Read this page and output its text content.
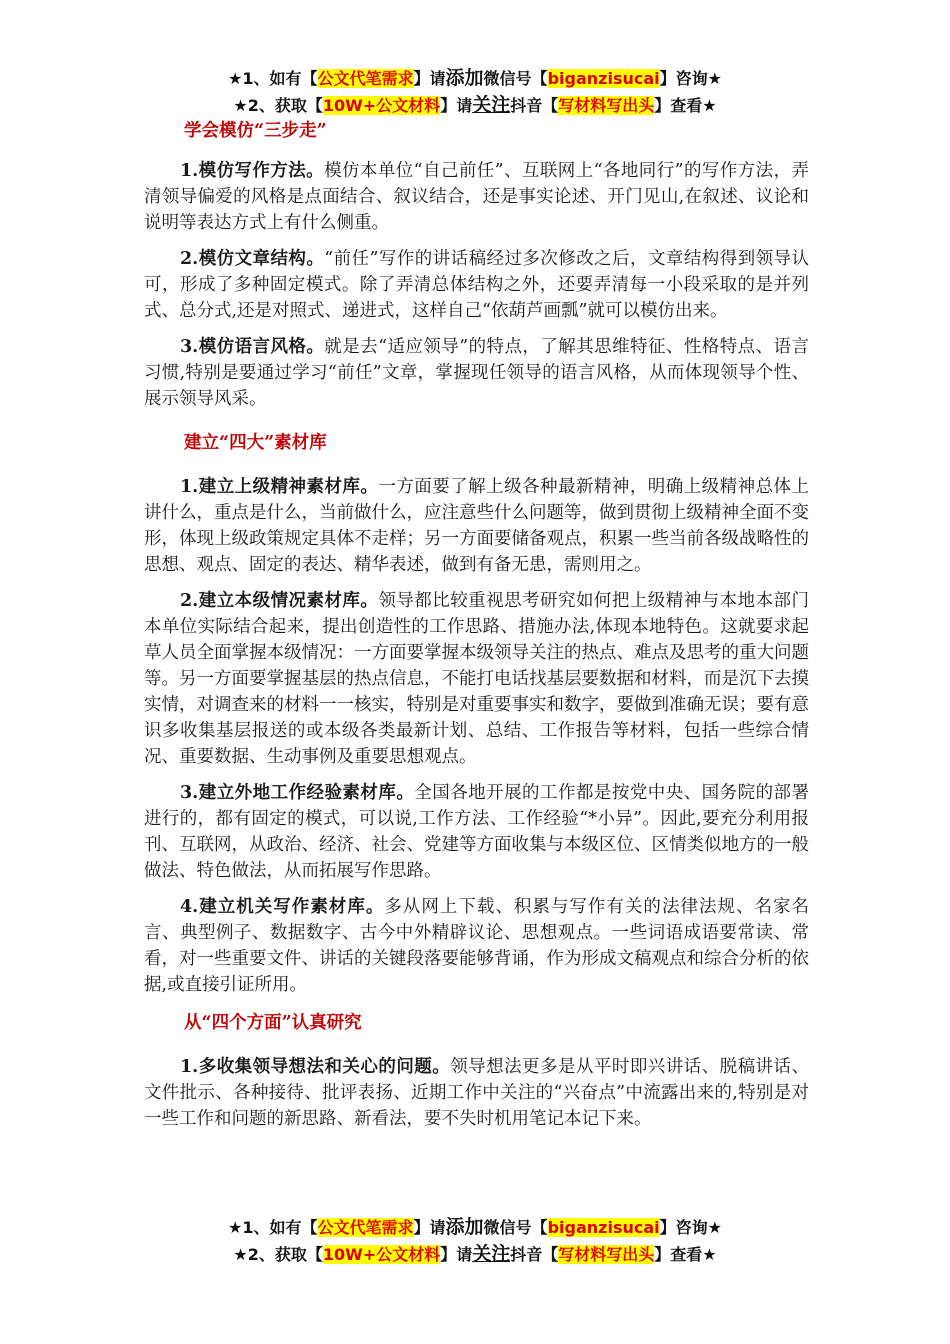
★1、如有【公文代笔需求】请添加微信号【biganzisucai】咨询★
★2、获取【10W+公文材料】请关注抖音【写材料写出头】查看★
学会模仿“三步走”

1.模仿写作方法。模仿本单位“自己前任”、互联网上“各地同行”的写作方法，弄清领导偏爱的风格是点面结合、叙议结合，还是事实论述、开门见山,在叙述、议论和说明等表达方式上有什么侧重。

2.模仿文章结构。“前任”写作的讲话稿经过多次修改之后，文章结构得到领导认可，形成了多种固定模式。除了弄清总体结构之外，还要弄清每一小段采取的是并列式、总分式,还是对照式、递进式，这样自己“依葫芦画瓢”就可以模仿出来。

3.模仿语言风格。就是去“适应领导”的特点，了解其思维特征、性格特点、语言习惯,特别是要通过学习“前任”文章，掌握现任领导的语言风格，从而体现领导个性、展示领导风采。

建立“四大”素材库

1.建立上级精神素材库。一方面要了解上级各种最新精神，明确上级精神总体上讲什么，重点是什么，当前做什么，应注意些什么问题等，做到贯彻上级精神全面不变形，体现上级政策规定具体不走样；另一方面要储备观点，积累一些当前各级战略性的思想、观点、固定的表达、精华表述，做到有备无患，需则用之。

2.建立本级情况素材库。领导都比较重视思考研究如何把上级精神与本地本部门本单位实际结合起来，提出创造性的工作思路、措施办法,体现本地特色。这就要求起草人员全面掌握本级情况：一方面要掌握本级领导关注的热点、难点及思考的重大问题等。另一方面要掌握基层的热点信息，不能打电话找基层要数据和材料，而是沉下去摸实情，对调查来的材料一一核实，特别是对重要事实和数字，要做到准确无误；要有意识多收集基层报送的或本级各类最新计划、总结、工作报告等材料，包括一些综合情况、重要数据、生动事例及重要思想观点。

3.建立外地工作经验素材库。全国各地开展的工作都是按党中央、国务院的部署进行的，都有固定的模式，可以说,工作方法、工作经验“*小异”。因此,要充分利用报刊、互联网，从政治、经济、社会、党建等方面收集与本级区位、区情类似地方的一般做法、特色做法，从而拓展写作思路。

4.建立机关写作素材库。多从网上下载、积累与写作有关的法律法规、名家名言、典型例子、数据数字、古今中外精辟议论、思想观点。一些词语成语要常读、常看，对一些重要文件、讲话的关键段落要能够背诵，作为形成文稿观点和综合分析的依据,或直接引证所用。

从“四个方面”认真研究

1.多收集领导想法和关心的问题。领导想法更多是从平时即兴讲话、脱稿讲话、文件批示、各种接待、批评表扬、近期工作中关注的“兴奋点”中流露出来的,特别是对一些工作和问题的新思路、新看法，要不失时机用笔记本记下来。

★1、如有【公文代笔需求】请添加微信号【biganzisucai】咨询★
★2、获取【10W+公文材料】请关注抖音【写材料写出头】查看★
